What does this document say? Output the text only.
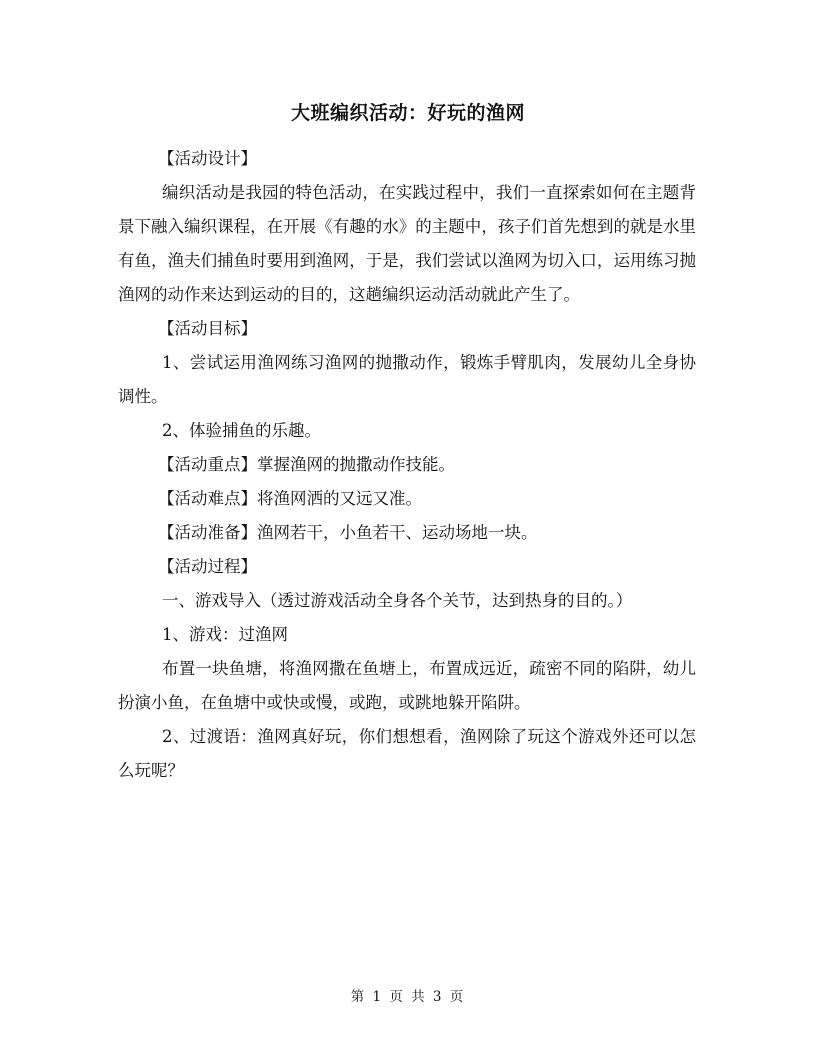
大班编织活动：好玩的渔网

【活动设计】

编织活动是我园的特色活动，在实践过程中，我们一直探索如何在主题背景下融入编织课程，在开展《有趣的水》的主题中，孩子们首先想到的就是水里有鱼，渔夫们捕鱼时要用到渔网，于是，我们尝试以渔网为切入口，运用练习抛渔网的动作来达到运动的目的，这趟编织运动活动就此产生了。

【活动目标】

1、尝试运用渔网练习渔网的抛撒动作，锻炼手臂肌肉，发展幼儿全身协调性。

2、体验捕鱼的乐趣。

【活动重点】掌握渔网的抛撒动作技能。

【活动难点】将渔网洒的又远又准。

【活动准备】渔网若干，小鱼若干、运动场地一块。

【活动过程】

一、游戏导入（透过游戏活动全身各个关节，达到热身的目的。）

1、游戏：过渔网

布置一块鱼塘，将渔网撒在鱼塘上，布置成远近，疏密不同的陷阱，幼儿扮演小鱼，在鱼塘中或快或慢，或跑，或跳地躲开陷阱。

2、过渡语：渔网真好玩，你们想想看，渔网除了玩这个游戏外还可以怎么玩呢？

第 1 页 共 3 页
